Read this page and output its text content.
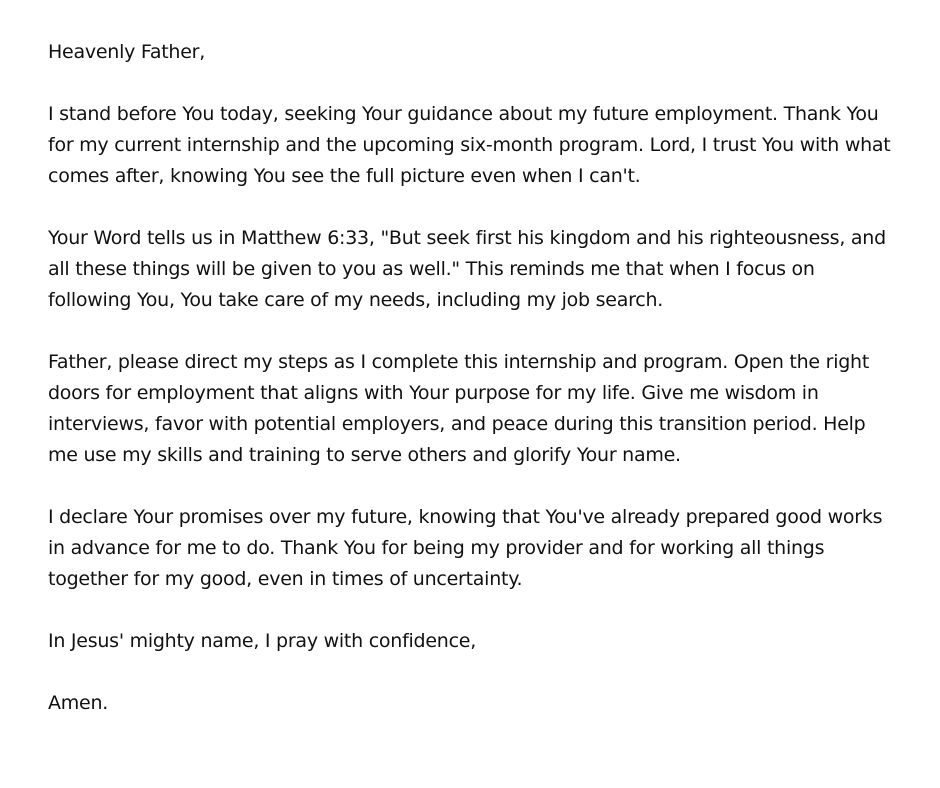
Heavenly Father,

I stand before You today, seeking Your guidance about my future employment. Thank You for my current internship and the upcoming six-month program. Lord, I trust You with what comes after, knowing You see the full picture even when I can't.

Your Word tells us in Matthew 6:33, "But seek first his kingdom and his righteousness, and all these things will be given to you as well." This reminds me that when I focus on following You, You take care of my needs, including my job search.

Father, please direct my steps as I complete this internship and program. Open the right doors for employment that aligns with Your purpose for my life. Give me wisdom in interviews, favor with potential employers, and peace during this transition period. Help me use my skills and training to serve others and glorify Your name.

I declare Your promises over my future, knowing that You've already prepared good works in advance for me to do. Thank You for being my provider and for working all things together for my good, even in times of uncertainty.

In Jesus' mighty name, I pray with confidence,

Amen.
